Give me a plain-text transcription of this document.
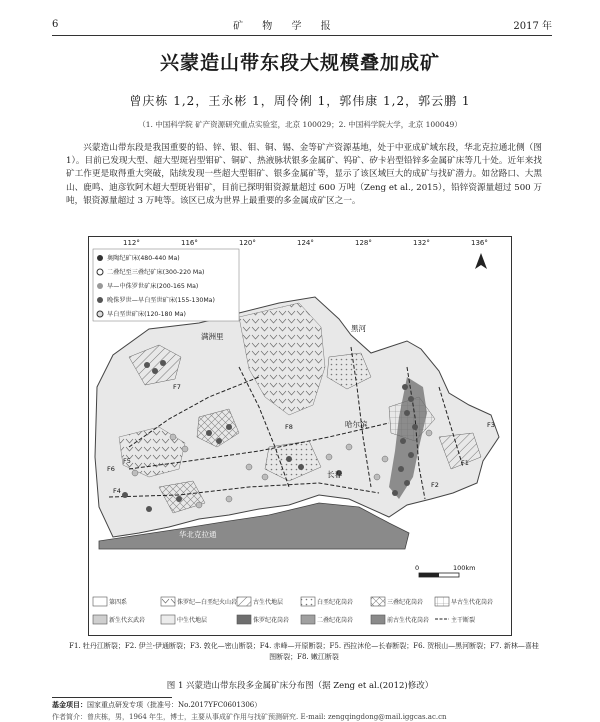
6	矿 物 学 报	2017 年
兴蒙造山带东段大规模叠加成矿
曾庆栋 1,2，王永彬 1，周伶俐 1，郭伟康 1,2，郭云鹏 1
（1. 中国科学院 矿产资源研究重点实验室，北京 100029；2. 中国科学院大学，北京 100049）
兴蒙造山带东段是我国重要的铅、锌、银、钼、铜、锡、金等矿产资源基地，处于中亚成矿域东段，华北克拉通北侧（图 1）。目前已发现大型、超大型斑岩型钼矿、铜矿、热液脉状银多金属矿、钨矿、矽卡岩型铅锌多金属矿床等几十处。近年来找矿工作更是取得重大突破，陆续发现一些超大型钼矿、银多金属矿等，显示了该区域巨大的成矿与找矿潜力。如岔路口、大黑山、鹿鸣、迪彦钦阿木超大型斑岩钼矿，目前已探明钼资源量超过 600 万吨（Zeng et al., 2015），铅锌资源量超过 500 万吨，银资源量超过 3 万吨等。该区已成为世界上最重要的多金属成矿区之一。
112°	116°	120°	124°	128°	132°	136°
奥陶纪矿床(480-440 Ma)
二叠纪至三叠纪矿床(300-220 Ma)
早—中侏罗世矿床(200-165 Ma)
晚侏罗世—早白垩世矿床(155-130Ma)
早白垩世矿床(120-180 Ma)
满洲里
黑河
哈尔滨
长春
华北克拉通
F1
F2
F3
F4
F5
F6
F7
F8
0	100km
第四系	侏罗纪—白垩纪火山岩	古生代地层	白垩纪花岗岩	三叠纪花岗岩	早古生代花岗岩
新生代玄武岩	中生代地层	侏罗纪花岗岩	二叠纪花岗岩	前古生代花岗岩	主干断裂
F1. 牡丹江断裂；F2. 伊兰-伊通断裂；F3. 敦化—密山断裂；F4. 赤峰—开原断裂；F5. 西拉沐伦—长春断裂；F6. 贺根山—黑河断裂；F7. 新林—喜桂图断裂；F8. 嫩江断裂
图 1 兴蒙造山带东段多金属矿床分布图（据 Zeng et al.(2012)修改）
基金项目：国家重点研发专项（批准号：No.2017YFC0601306）
作者简介：曾庆栋，男，1964 年生，博士，主要从事成矿作用与找矿预测研究. E-mail: zengqingdong@mail.iggcas.ac.cn
